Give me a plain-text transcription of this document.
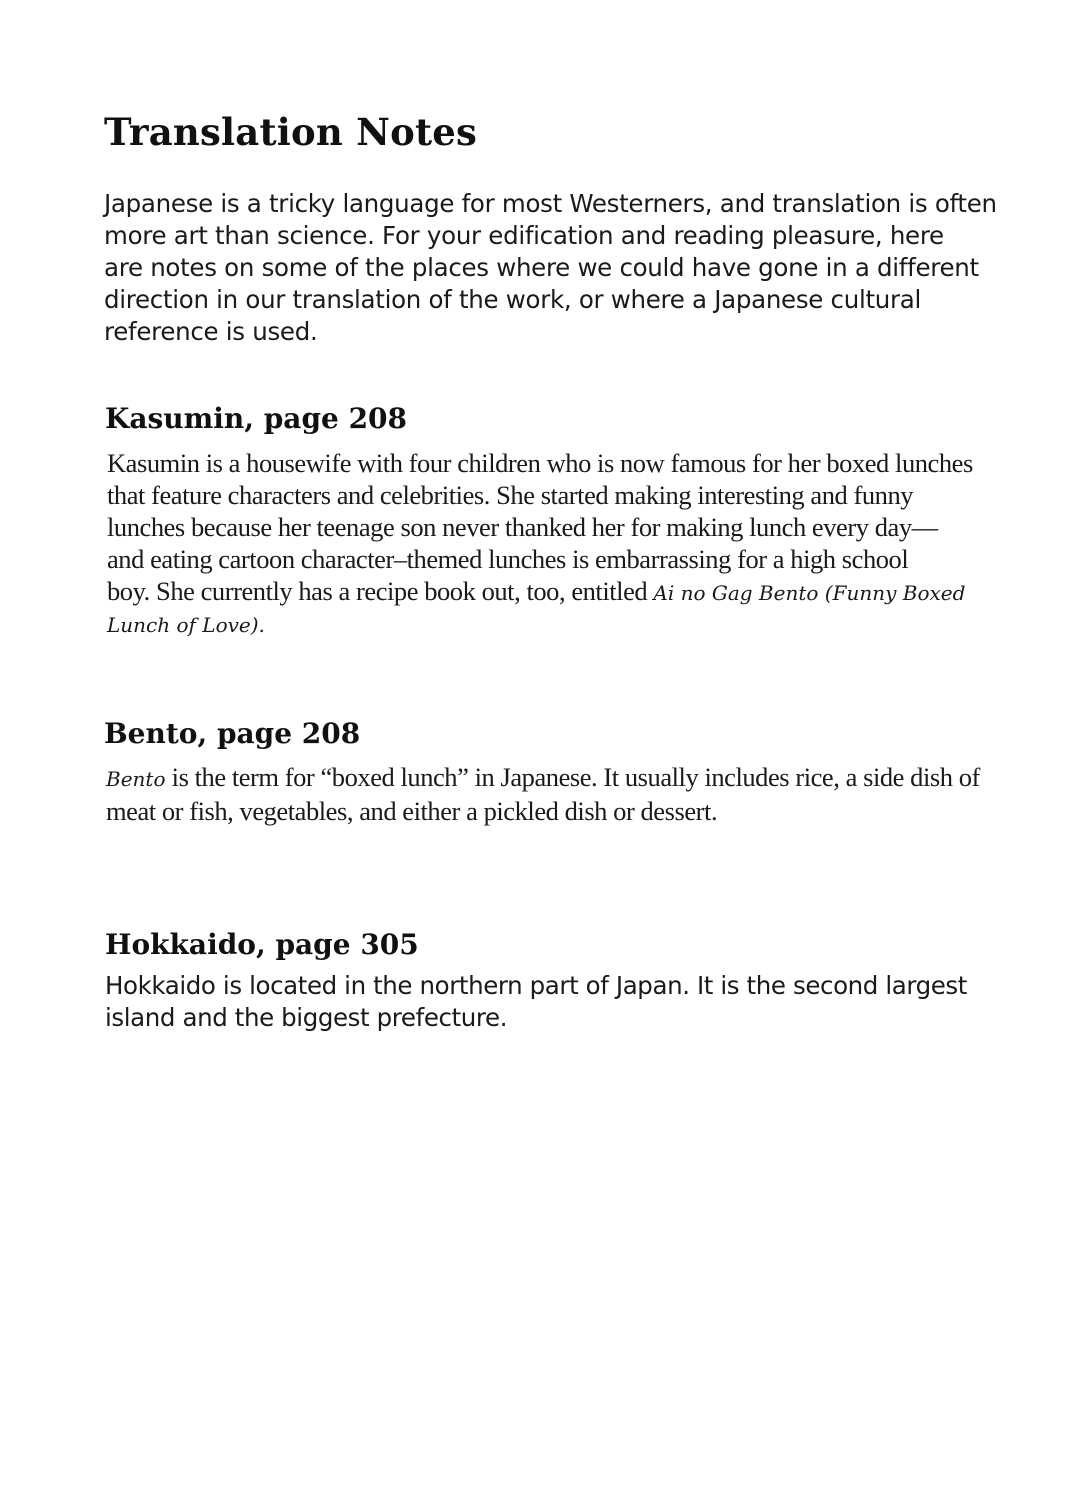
Translation Notes

Japanese is a tricky language for most Westerners, and translation is often
more art than science. For your edification and reading pleasure, here
are notes on some of the places where we could have gone in a different
direction in our translation of the work, or where a Japanese cultural
reference is used.

Kasumin, page 208

Kasumin is a housewife with four children who is now famous for her boxed lunches
that feature characters and celebrities. She started making interesting and funny
lunches because her teenage son never thanked her for making lunch every day—
and eating cartoon character–themed lunches is embarrassing for a high school
boy. She currently has a recipe book out, too, entitled Ai no Gag Bento (Funny Boxed
Lunch of Love).

Bento, page 208

Bento is the term for “boxed lunch” in Japanese. It usually includes rice, a side dish of
meat or fish, vegetables, and either a pickled dish or dessert.

Hokkaido, page 305

Hokkaido is located in the northern part of Japan. It is the second largest
island and the biggest prefecture.
